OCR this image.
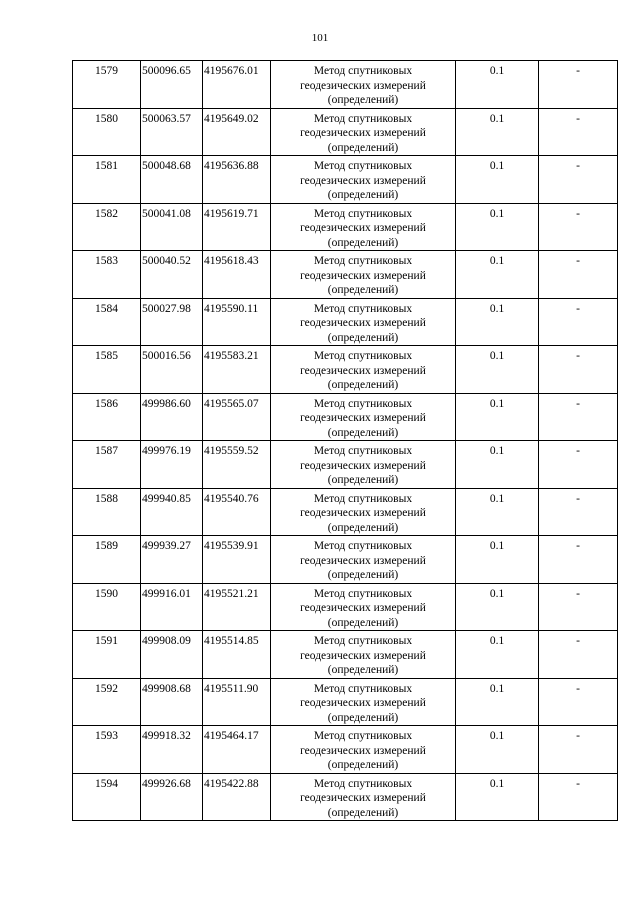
101
1579	500096.65	4195676.01	Метод спутниковых
геодезических измерений
(определений)	0.1	-
1580	500063.57	4195649.02	Метод спутниковых
геодезических измерений
(определений)	0.1	-
1581	500048.68	4195636.88	Метод спутниковых
геодезических измерений
(определений)	0.1	-
1582	500041.08	4195619.71	Метод спутниковых
геодезических измерений
(определений)	0.1	-
1583	500040.52	4195618.43	Метод спутниковых
геодезических измерений
(определений)	0.1	-
1584	500027.98	4195590.11	Метод спутниковых
геодезических измерений
(определений)	0.1	-
1585	500016.56	4195583.21	Метод спутниковых
геодезических измерений
(определений)	0.1	-
1586	499986.60	4195565.07	Метод спутниковых
геодезических измерений
(определений)	0.1	-
1587	499976.19	4195559.52	Метод спутниковых
геодезических измерений
(определений)	0.1	-
1588	499940.85	4195540.76	Метод спутниковых
геодезических измерений
(определений)	0.1	-
1589	499939.27	4195539.91	Метод спутниковых
геодезических измерений
(определений)	0.1	-
1590	499916.01	4195521.21	Метод спутниковых
геодезических измерений
(определений)	0.1	-
1591	499908.09	4195514.85	Метод спутниковых
геодезических измерений
(определений)	0.1	-
1592	499908.68	4195511.90	Метод спутниковых
геодезических измерений
(определений)	0.1	-
1593	499918.32	4195464.17	Метод спутниковых
геодезических измерений
(определений)	0.1	-
1594	499926.68	4195422.88	Метод спутниковых
геодезических измерений
(определений)	0.1	-
